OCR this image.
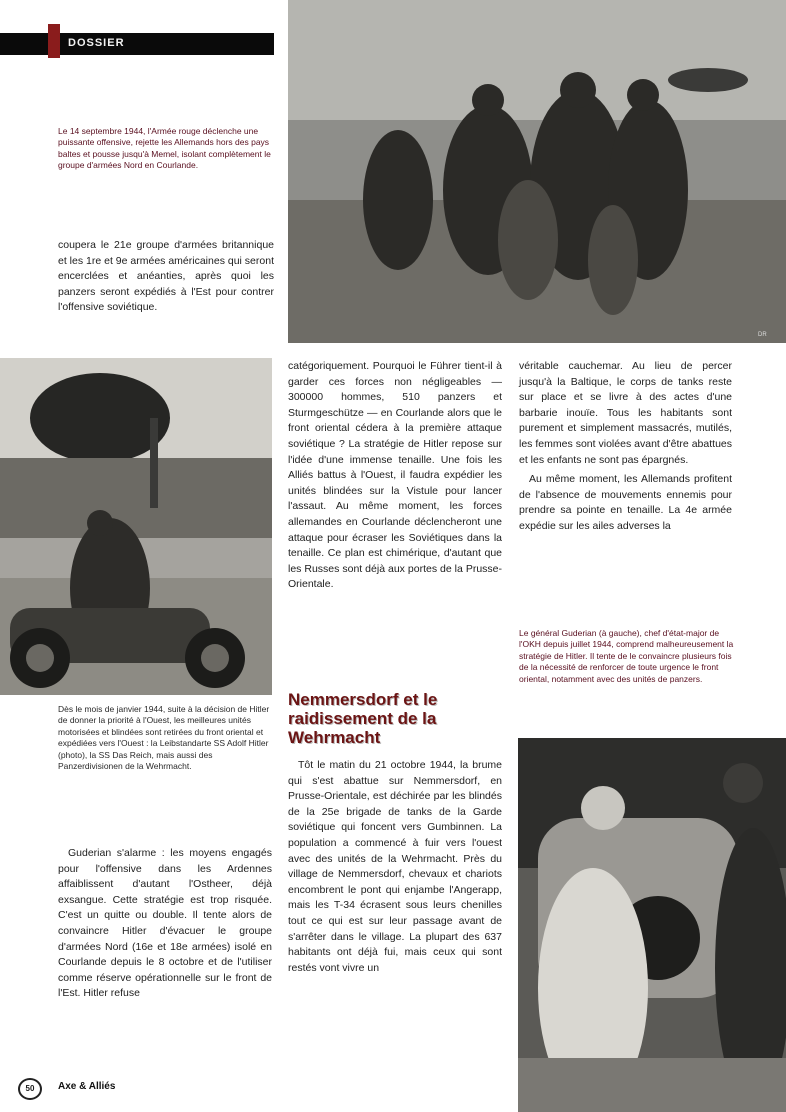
DOSSIER
DR
Le 14 septembre 1944, l'Armée rouge déclenche une puissante offensive, rejette les Allemands hors des pays baltes et pousse jusqu'à Memel, isolant complètement le groupe d'armées Nord en Courlande.

coupera le 21e groupe d'armées britannique et les 1re et 9e armées américaines qui seront encerclées et anéanties, après quoi les panzers seront expédiés à l'Est pour contrer l'offensive soviétique.

Dès le mois de janvier 1944, suite à la décision de Hitler de donner la priorité à l'Ouest, les meilleures unités motorisées et blindées sont retirées du front oriental et expédiées vers l'Ouest : la Leibstandarte SS Adolf Hitler (photo), la SS Das Reich, mais aussi des Panzerdivisionen de la Wehrmacht.

Guderian s'alarme : les moyens engagés pour l'offensive dans les Ardennes affaiblissent d'autant l'Ostheer, déjà exsangue. Cette stratégie est trop risquée. C'est un quitte ou double. Il tente alors de convaincre Hitler d'évacuer le groupe d'armées Nord (16e et 18e armées) isolé en Courlande depuis le 8 octobre et de l'utiliser comme réserve opérationnelle sur le front de l'Est. Hitler refuse

catégoriquement. Pourquoi le Führer tient-il à garder ces forces non négligeables — 300000 hommes, 510 panzers et Sturmgeschütze — en Courlande alors que le front oriental cédera à la première attaque soviétique ? La stratégie de Hitler repose sur l'idée d'une immense tenaille. Une fois les Alliés battus à l'Ouest, il faudra expédier les unités blindées sur la Vistule pour lancer l'assaut. Au même moment, les forces allemandes en Courlande déclencheront une attaque pour écraser les Soviétiques dans la tenaille. Ce plan est chimérique, d'autant que les Russes sont déjà aux portes de la Prusse-Orientale.

Nemmersdorf et le raidissement de la Wehrmacht

Tôt le matin du 21 octobre 1944, la brume qui s'est abattue sur Nemmersdorf, en Prusse-Orientale, est déchirée par les blindés de la 25e brigade de tanks de la Garde soviétique qui foncent vers Gumbinnen. La population a commencé à fuir vers l'ouest avec des unités de la Wehrmacht. Près du village de Nemmersdorf, chevaux et chariots encombrent le pont qui enjambe l'Angerapp, mais les T-34 écrasent sous leurs chenilles tout ce qui est sur leur passage avant de s'arrêter dans le village. La plupart des 637 habitants ont déjà fui, mais ceux qui sont restés vont vivre un

véritable cauchemar. Au lieu de percer jusqu'à la Baltique, le corps de tanks reste sur place et se livre à des actes d'une barbarie inouïe. Tous les habitants sont purement et simplement massacrés, mutilés, les femmes sont violées avant d'être abattues et les enfants ne sont pas épargnés.

Au même moment, les Allemands profitent de l'absence de mouvements ennemis pour prendre sa pointe en tenaille. La 4e armée expédie sur les ailes adverses la

Le général Guderian (à gauche), chef d'état-major de l'OKH depuis juillet 1944, comprend malheureusement la stratégie de Hitler. Il tente de le convaincre plusieurs fois de la nécessité de renforcer de toute urgence le front oriental, notamment avec des unités de panzers.
50	Axe & Alliés
